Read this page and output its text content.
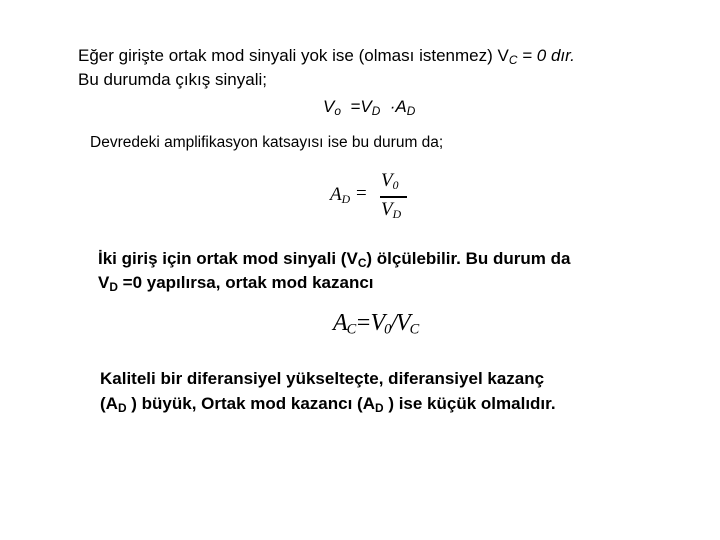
Eğer girişte ortak mod sinyali yok ise (olması istenmez) $V_C = 0$ dır.
Bu durumda çıkış sinyali;
$V_o =V_D \cdot A_D$
Devredeki amplifikasyon katsayısı ise bu durum da;
$A_D$ =
$V_0$
$V_D$
İki giriş için ortak mod sinyali $(V_C)$ ölçülebilir. Bu durum da
$V_D =0$ yapılırsa, ortak mod kazancı
$A_C=V_0/V_C$
Kaliteli bir diferansiyel yükselteçte, diferansiyel kazanç
($A_D$ ) büyük, Ortak mod kazancı ($A_D$ ) ise küçük olmalıdır.
